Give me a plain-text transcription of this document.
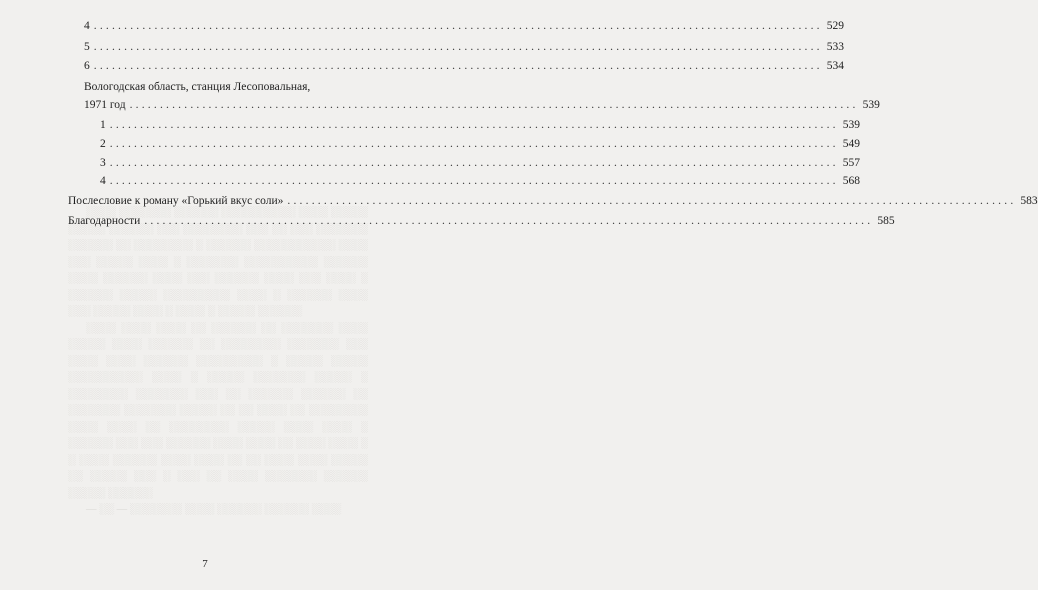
░░░░ ░░░░░░░ ░░░░░░ ░░░░░░░░░░ ░░░░ ░░░░░ ░░░░░ ░░░░░░ ░░░ ░░░░░░░░ ░░░ ░░ ░░░ ░░░░░░░ ░░░░░░ ░░ ░░░░░░░░ ░ ░░░░░░ ░░░░░░░░░░░ ░░░░ ░░░ ░░░░░ ░░░░ ░ ░░░░░░░ ░░░░░░░░░░ ░░░░░░ ░░░░ ░░░░░░ ░░░░ ░░░ ░░░░░░ ░░░░ ░░░ ░░░░ ░ ░░░░░░ ░░░░░ ░░░░░░░░░ ░░░░ ░ ░░░░░░ ░░░░ ░░░ ░░░░░ ░░░░ ░ ░░░░ ░ ░░░░░ ░░░░░░

░░░░ ░░░░ ░░░░ ░░ ░░░░░░ ░░ ░░░░░░░ ░░░░ ░░░░░ ░░░░ ░░░░░░ ░░ ░░░░░░░░ ░░░░░░░ ░░░ ░░░░ ░░░░ ░░░░░░ ░░░░░░░░░ ░ ░░░░░ ░░░░░ ░░░░░░░░░░ ░░░░ ░ ░░░░░ ░░░░░░░ ░░░░░ ░ ░░░░░░░░ ░░░░░░░ ░░░ ░░ ░░░░░░ ░░░░░░ ░░ ░░░░░░░ ░░░░░░░ ░░░░░ ░░ ░░ ░░░░ ░░ ░░░░░░░░ ░░░░ ░░░░ ░░ ░░░░░░░░ ░░░░░ ░░░░ ░░░░ ░ ░░░░░░ ░░░ ░░░ ░░░░░░ ░░░░ ░░░░ ░░ ░░░░ ░░░░ ░ ░ ░░░░ ░░░░░░ ░░░░ ░░░░ ░░ ░░ ░░░░ ░░░░ ░░░░░ ░░ ░░░░░ ░░░ ░ ░░░ ░░ ░░░░ ░░░░░░░ ░░░░░░ ░░░░░ ░░░░░░

— ░░ — ░░░░░░░ ░░░░ ░░░░░░ ░░░░░░ ░░░░

4 ........................................................................................................................ 529
5 ........................................................................................................................ 533
6 ........................................................................................................................ 534
Вологодская область, станция Лесоповальная,
1971 год ........................................................................................................................ 539
1 ........................................................................................................................ 539
2 ........................................................................................................................ 549
3 ........................................................................................................................ 557
4 ........................................................................................................................ 568
Послесловие к роману «Горький вкус соли» ........................................................................................................................ 583
Благодарности ........................................................................................................................ 585
7
